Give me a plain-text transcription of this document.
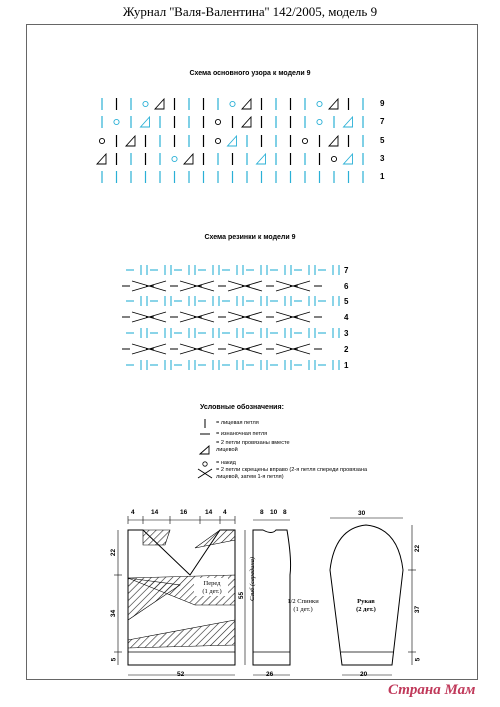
Журнал ''Валя-Валентина'' 142/2005, модель 9
Схема основного узора к модели 9
9
7
5
3
1
Схема резинки к модели 9
7
6
5
4
3
2
1
Условные обозначения:
= лицевая петля
= изнаночная петля
= 2 петли провязаны вместе лицевой
= накид
= 2 петли скрещены вправо (2-я петля спереди провязана лицевой, затем 1-я петля)
Перед
(1 дет.)
1/2 Спинки
(1 дет.)
Сгиб (середина)
Рукав
(2 дет.)
4	14	16	14 4
22
34
5
55
52
8 10 8
26
30
22
37
5
20
Страна Мам
